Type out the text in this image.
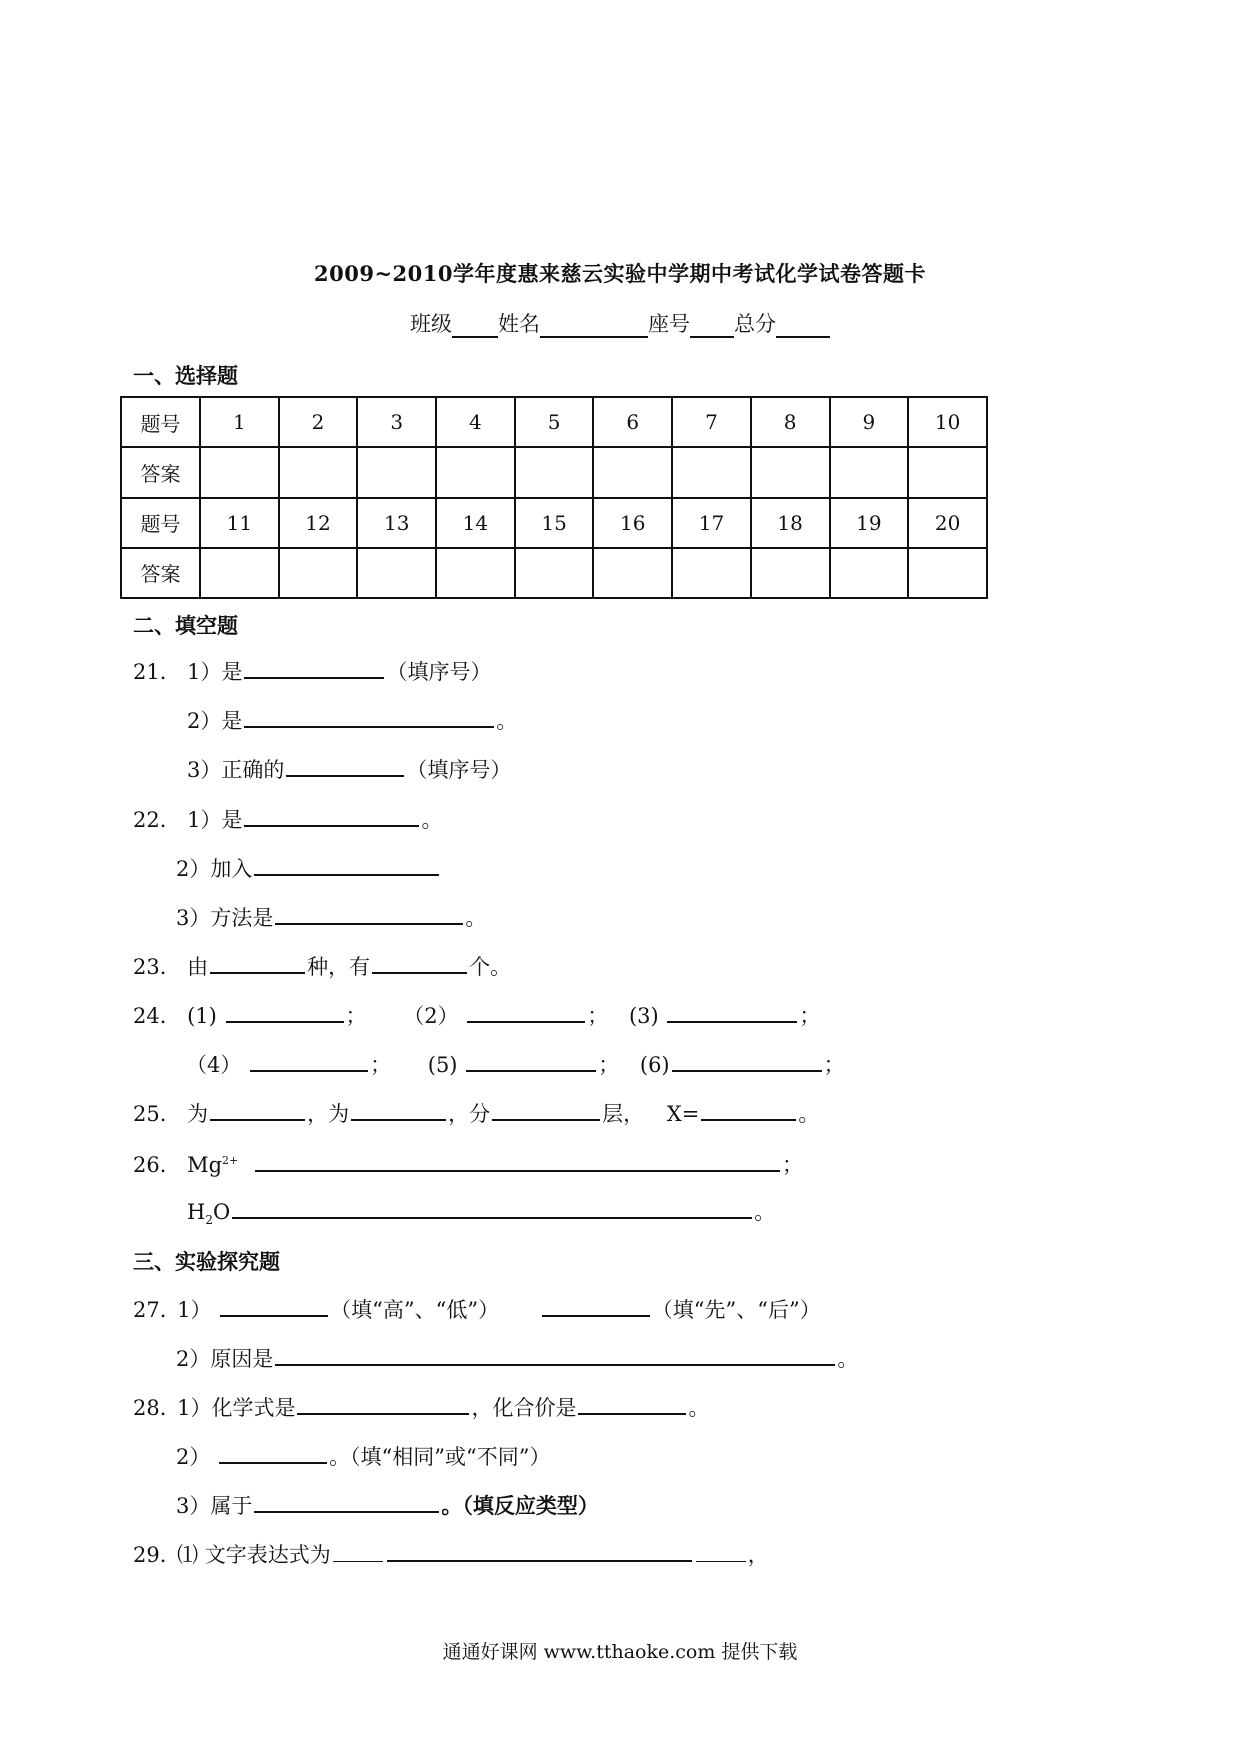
2009~2010学年度惠来慈云实验中学期中考试化学试卷答题卡
班级 姓名	座号 总分
一、选择题
题号	1	2	3	4	5	6	7	8	9	10
答案										
题号	11	12	13	14	15	16	17	18	19	20
答案										
二、填空题
21. 1）是	（填序号）
2）是	。
3）正确的	（填序号）
22. 1）是	。
2）加入
3）方法是	。
23. 由	种，有	个。
24. (1)	； （2）	； (3)	；
（4）	； (5)	； (6)	；
25. 为	，为	，分	层， X=	。
26. $Mg^{2+}$	；
$H_2O$	。
三、实验探究题
27. 1）	（填“高”、“低”）	（填“先”、“后”）
2）原因是	。
28. 1）化学式是	，化合价是	。
2）	。（填“相同”或“不同”）
3）属于	。（填反应类型）
29. ⑴ 文字表达式为	，
通通好课网 www.tthaoke.com 提供下载
